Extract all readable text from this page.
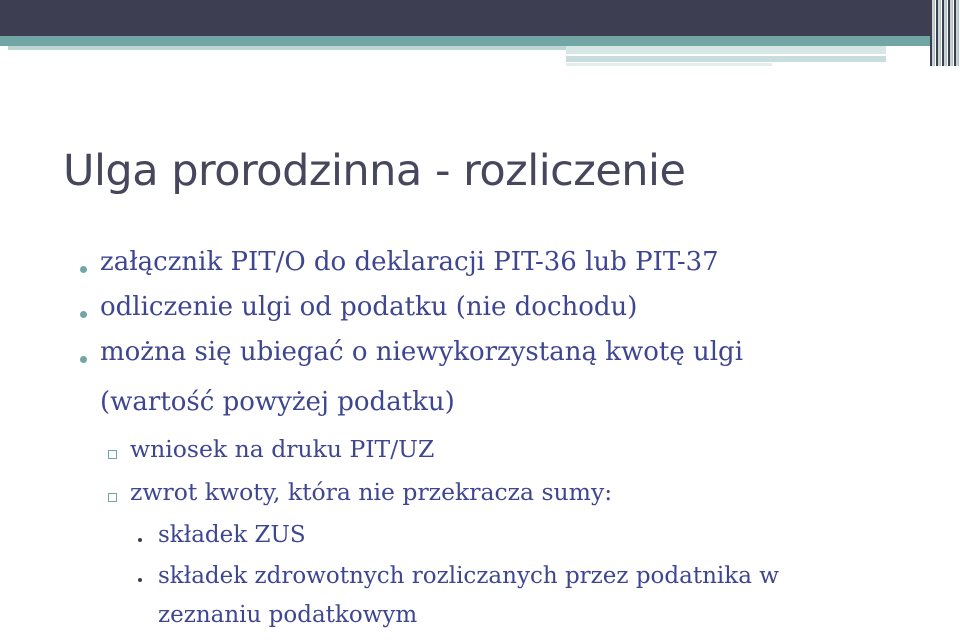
Ulga prorodzinna - rozliczenie
załącznik PIT/O do deklaracji PIT-36 lub PIT-37
odliczenie ulgi od podatku (nie dochodu)
można się ubiegać o niewykorzystaną kwotę ulgi
(wartość powyżej podatku)
wniosek na druku PIT/UZ
zwrot kwoty, która nie przekracza sumy:
składek ZUS
składek zdrowotnych rozliczanych przez podatnika w
zeznaniu podatkowym
